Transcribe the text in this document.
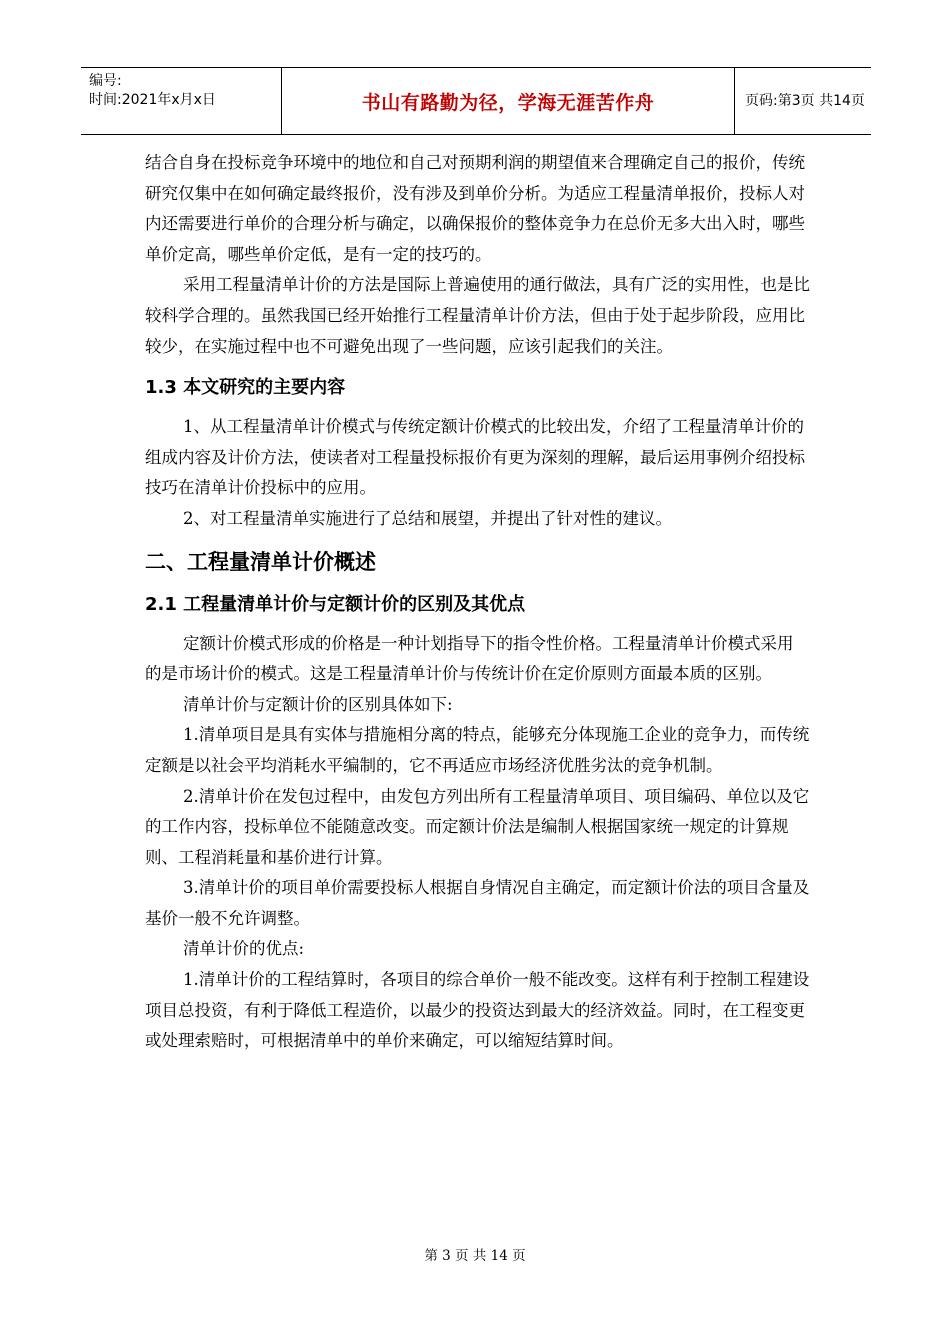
编号:
时间:2021年x月x日	书山有路勤为径，学海无涯苦作舟	页码:第3页 共14页

结合自身在投标竞争环境中的地位和自己对预期利润的期望值来合理确定自己的报价，传统研究仅集中在如何确定最终报价，没有涉及到单价分析。为适应工程量清单报价，投标人对内还需要进行单价的合理分析与确定，以确保报价的整体竞争力在总价无多大出入时，哪些单价定高，哪些单价定低，是有一定的技巧的。

采用工程量清单计价的方法是国际上普遍使用的通行做法，具有广泛的实用性，也是比较科学合理的。虽然我国已经开始推行工程量清单计价方法，但由于处于起步阶段，应用比较少，在实施过程中也不可避免出现了一些问题，应该引起我们的关注。

1.3 本文研究的主要内容

1、从工程量清单计价模式与传统定额计价模式的比较出发，介绍了工程量清单计价的组成内容及计价方法，使读者对工程量投标报价有更为深刻的理解，最后运用事例介绍投标技巧在清单计价投标中的应用。

2、对工程量清单实施进行了总结和展望，并提出了针对性的建议。

二、工程量清单计价概述
2.1 工程量清单计价与定额计价的区别及其优点

定额计价模式形成的价格是一种计划指导下的指令性价格。工程量清单计价模式采用的是市场计价的模式。这是工程量清单计价与传统计价在定价原则方面最本质的区别。

清单计价与定额计价的区别具体如下:

1.清单项目是具有实体与措施相分离的特点，能够充分体现施工企业的竞争力，而传统定额是以社会平均消耗水平编制的，它不再适应市场经济优胜劣汰的竞争机制。

2.清单计价在发包过程中，由发包方列出所有工程量清单项目、项目编码、单位以及它的工作内容，投标单位不能随意改变。而定额计价法是编制人根据国家统一规定的计算规则、工程消耗量和基价进行计算。

3.清单计价的项目单价需要投标人根据自身情况自主确定，而定额计价法的项目含量及基价一般不允许调整。

清单计价的优点:

1.清单计价的工程结算时，各项目的综合单价一般不能改变。这样有利于控制工程建设项目总投资，有利于降低工程造价，以最少的投资达到最大的经济效益。同时，在工程变更或处理索赔时，可根据清单中的单价来确定，可以缩短结算时间。

第 3 页 共 14 页
